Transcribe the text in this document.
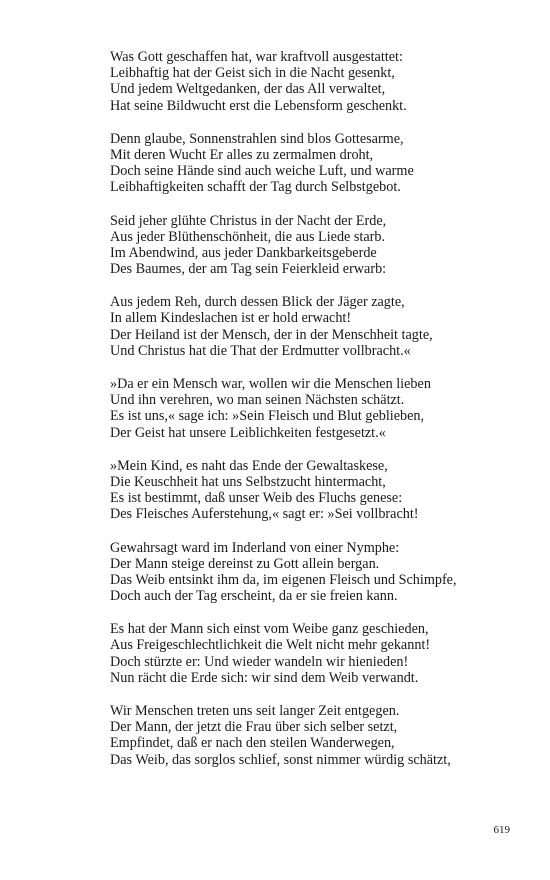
Was Gott geschaffen hat, war kraftvoll ausgestattet:
Leibhaftig hat der Geist sich in die Nacht gesenkt,
Und jedem Weltgedanken, der das All verwaltet,
Hat seine Bildwucht erst die Lebensform geschenkt.
Denn glaube, Sonnenstrahlen sind blos Gottesarme,
Mit deren Wucht Er alles zu zermalmen droht,
Doch seine Hände sind auch weiche Luft, und warme
Leibhaftigkeiten schafft der Tag durch Selbstgebot.
Seid jeher glühte Christus in der Nacht der Erde,
Aus jeder Blüthenschönheit, die aus Liede starb.
Im Abendwind, aus jeder Dankbarkeitsgeberde
Des Baumes, der am Tag sein Feierkleid erwarb:
Aus jedem Reh, durch dessen Blick der Jäger zagte,
In allem Kindeslachen ist er hold erwacht!
Der Heiland ist der Mensch, der in der Menschheit tagte,
Und Christus hat die That der Erdmutter vollbracht.«
»Da er ein Mensch war, wollen wir die Menschen lieben
Und ihn verehren, wo man seinen Nächsten schätzt.
Es ist uns,« sage ich: »Sein Fleisch und Blut geblieben,
Der Geist hat unsere Leiblichkeiten festgesetzt.«
»Mein Kind, es naht das Ende der Gewaltaskese,
Die Keuschheit hat uns Selbstzucht hintermacht,
Es ist bestimmt, daß unser Weib des Fluchs genese:
Des Fleisches Auferstehung,« sagt er: »Sei vollbracht!
Gewahrsagt ward im Inderland von einer Nymphe:
Der Mann steige dereinst zu Gott allein bergan.
Das Weib entsinkt ihm da, im eigenen Fleisch und Schimpfe,
Doch auch der Tag erscheint, da er sie freien kann.
Es hat der Mann sich einst vom Weibe ganz geschieden,
Aus Freigeschlechtlichkeit die Welt nicht mehr gekannt!
Doch stürzte er: Und wieder wandeln wir hienieden!
Nun rächt die Erde sich: wir sind dem Weib verwandt.
Wir Menschen treten uns seit langer Zeit entgegen.
Der Mann, der jetzt die Frau über sich selber setzt,
Empfindet, daß er nach den steilen Wanderwegen,
Das Weib, das sorglos schlief, sonst nimmer würdig schätzt,
619
